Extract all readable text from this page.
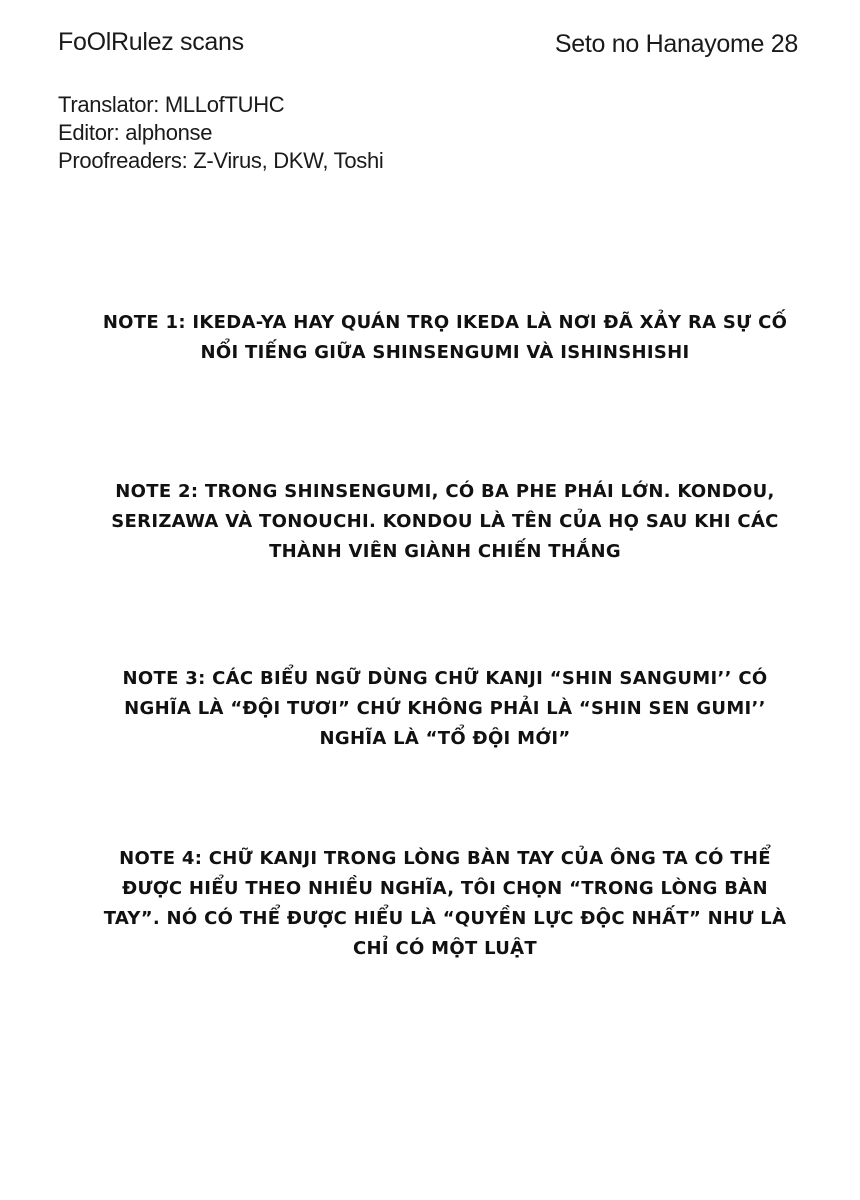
FoOlRulez scans	Seto no Hanayome 28
Translator: MLLofTUHC
Editor: alphonse
Proofreaders: Z-Virus, DKW, Toshi
NOTE 1: IKEDA-YA HAY QUÁN TRỌ IKEDA LÀ NƠI ĐÃ XẢY RA SỰ CỐ
NỔI TIẾNG GIỮA SHINSENGUMI VÀ ISHINSHISHI
NOTE 2: TRONG SHINSENGUMI, CÓ BA PHE PHÁI LỚN. KONDOU,
SERIZAWA VÀ TONOUCHI. KONDOU LÀ TÊN CỦA HỌ SAU KHI CÁC
THÀNH VIÊN GIÀNH CHIẾN THẮNG
NOTE 3: CÁC BIỂU NGỮ DÙNG CHỮ KANJI “SHIN SANGUMI’’ CÓ
NGHĨA LÀ “ĐỘI TƯƠI” CHỨ KHÔNG PHẢI LÀ “SHIN SEN GUMI’’
NGHĨA LÀ “TỔ ĐỘI MỚI”
NOTE 4: CHỮ KANJI TRONG LÒNG BÀN TAY CỦA ÔNG TA CÓ THỂ
ĐƯỢC HIỂU THEO NHIỀU NGHĨA, TÔI CHỌN “TRONG LÒNG BÀN
TAY”. NÓ CÓ THỂ ĐƯỢC HIỂU LÀ “QUYỀN LỰC ĐỘC NHẤT” NHƯ LÀ
CHỈ CÓ MỘT LUẬT
